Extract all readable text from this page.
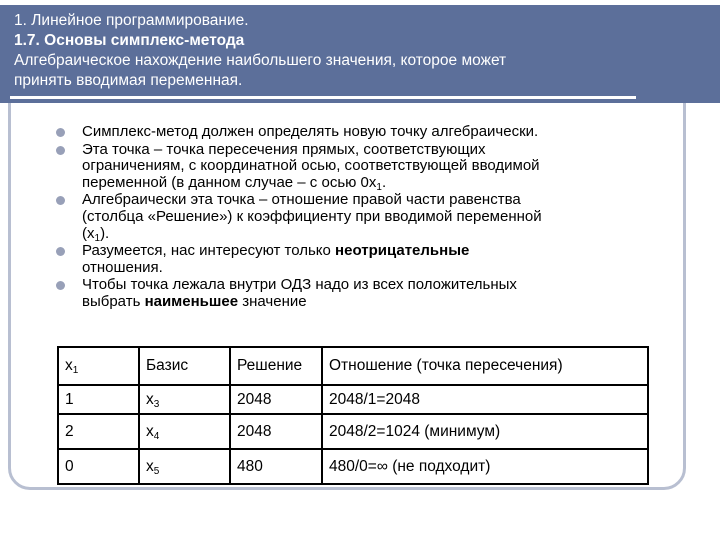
1. Линейное программирование.
1.7. Основы симплекс-метода
Алгебраическое нахождение наибольшего значения, которое может
принять вводимая переменная.
Симплекс-метод должен определять новую точку алгебраически.
Эта точка – точка пересечения прямых, соответствующих
ограничениям, с координатной осью, соответствующей вводимой
переменной (в данном случае – с осью $0x_1$.
Алгебраически эта точка – отношение правой части равенства
(столбца «Решение») к коэффициенту при вводимой переменной
$(x_1)$.
Разумеется, нас интересуют только неотрицательные
отношения.
Чтобы точка лежала внутри ОДЗ надо из всех положительных
выбрать наименьшее значение
$x_1$	Базис	Решение	Отношение (точка пересечения)
1	$x_3$	2048	2048/1=2048
2	$x_4$	2048	2048/2=1024 (минимум)
0	$x_5$	480	480/0=∞ (не подходит)
